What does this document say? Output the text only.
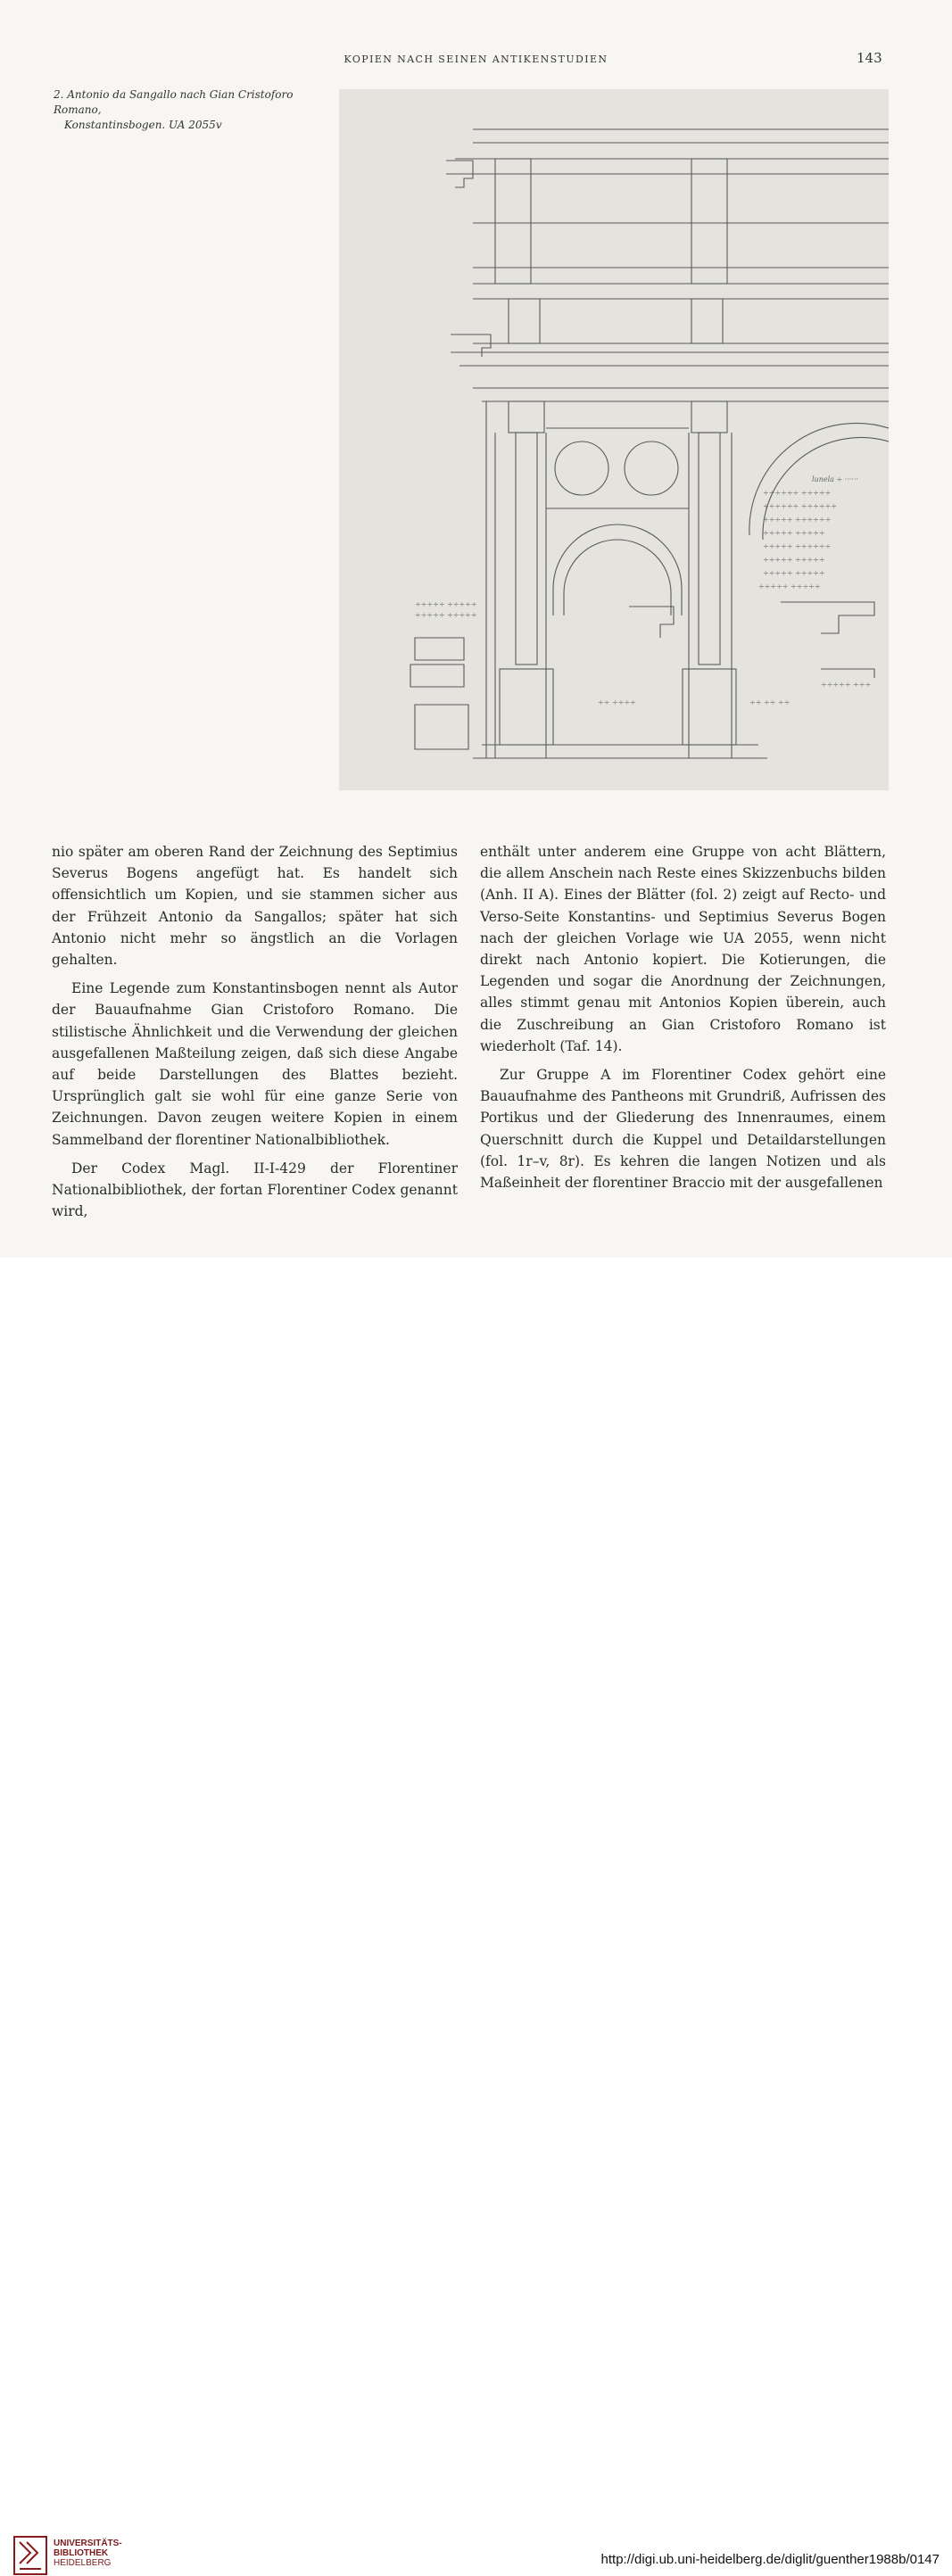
KOPIEN NACH SEINEN ANTIKENSTUDIEN	143
2. Antonio da Sangallo nach Gian Cristoforo Romano,
Konstantinsbogen. UA 2055v
lunela ÷ ······
÷÷÷÷÷÷ ÷÷÷÷÷
÷÷÷÷÷÷ ÷÷÷÷÷÷
÷÷÷÷÷ ÷÷÷÷÷÷
÷÷÷÷÷ ÷÷÷÷÷
÷÷÷÷÷ ÷÷÷÷÷÷
÷÷÷÷÷ ÷÷÷÷÷
÷÷÷÷÷ ÷÷÷÷÷
÷÷÷÷÷ ÷÷÷÷÷
÷÷÷÷÷ ÷÷÷÷÷
÷÷÷÷÷ ÷÷÷÷÷
÷÷÷÷÷ ÷÷÷
÷÷ ÷÷ ÷÷
÷÷ ÷÷÷÷

nio später am oberen Rand der Zeichnung des Septimius Severus Bogens angefügt hat. Es handelt sich offensichtlich um Kopien, und sie stammen sicher aus der Frühzeit Antonio da Sangallos; später hat sich Antonio nicht mehr so ängstlich an die Vorlagen gehalten.

Eine Legende zum Konstantinsbogen nennt als Autor der Bauaufnahme Gian Cristoforo Romano. Die stilistische Ähnlichkeit und die Verwendung der gleichen ausgefallenen Maßteilung zeigen, daß sich diese Angabe auf beide Darstellungen des Blattes bezieht. Ursprünglich galt sie wohl für eine ganze Serie von Zeichnungen. Davon zeugen weitere Kopien in einem Sammelband der florentiner Nationalbibliothek.

Der Codex Magl. II-I-429 der Florentiner Nationalbibliothek, der fortan Florentiner Codex genannt wird,

enthält unter anderem eine Gruppe von acht Blättern, die allem Anschein nach Reste eines Skizzenbuchs bilden (Anh. II A). Eines der Blätter (fol. 2) zeigt auf Recto- und Verso-Seite Konstantins- und Septimius Severus Bogen nach der gleichen Vorlage wie UA 2055, wenn nicht direkt nach Antonio kopiert. Die Kotierungen, die Legenden und sogar die Anordnung der Zeichnungen, alles stimmt genau mit Antonios Kopien überein, auch die Zuschreibung an Gian Cristoforo Romano ist wiederholt (Taf. 14).

Zur Gruppe A im Florentiner Codex gehört eine Bauaufnahme des Pantheons mit Grundriß, Aufrissen des Portikus und der Gliederung des Innenraumes, einem Querschnitt durch die Kuppel und Detaildarstellungen (fol. 1r–v, 8r). Es kehren die langen Notizen und als Maßeinheit der florentiner Braccio mit der ausgefallenen

UNIVERSITÄTS-
BIBLIOTHEK
HEIDELBERG	http://digi.ub.uni-heidelberg.de/diglit/guenther1988b/0147
